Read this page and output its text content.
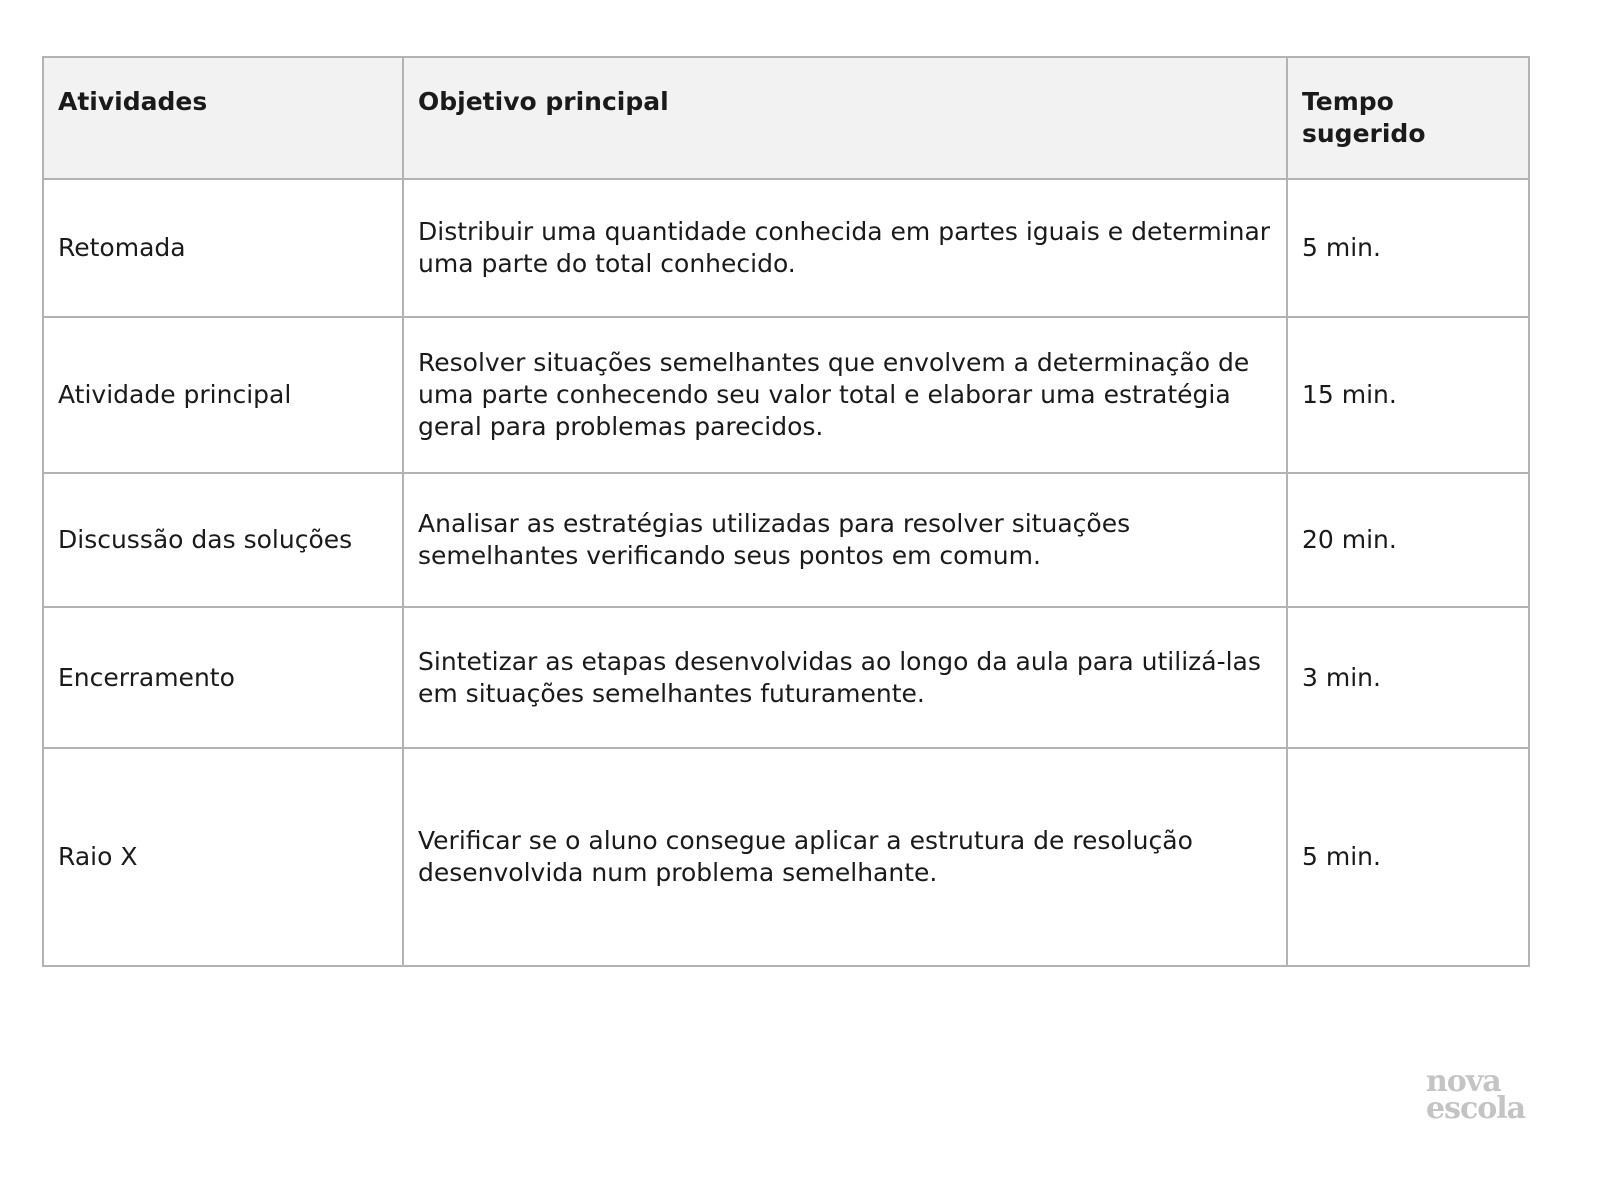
Atividades	Objetivo principal	Tempo sugerido
Retomada	Distribuir uma quantidade conhecida em partes iguais e determinar uma parte do total conhecido.	5 min.
Atividade principal	Resolver situações semelhantes que envolvem a determinação de uma parte conhecendo seu valor total e elaborar uma estratégia geral para problemas parecidos.	15 min.
Discussão das soluções	Analisar as estratégias utilizadas para resolver situações semelhantes verificando seus pontos em comum.	20 min.
Encerramento	Sintetizar as etapas desenvolvidas ao longo da aula para utilizá-las em situações semelhantes futuramente.	3 min.
Raio X	Verificar se o aluno consegue aplicar a estrutura de resolução desenvolvida num problema semelhante.	5 min.
nova
escola
